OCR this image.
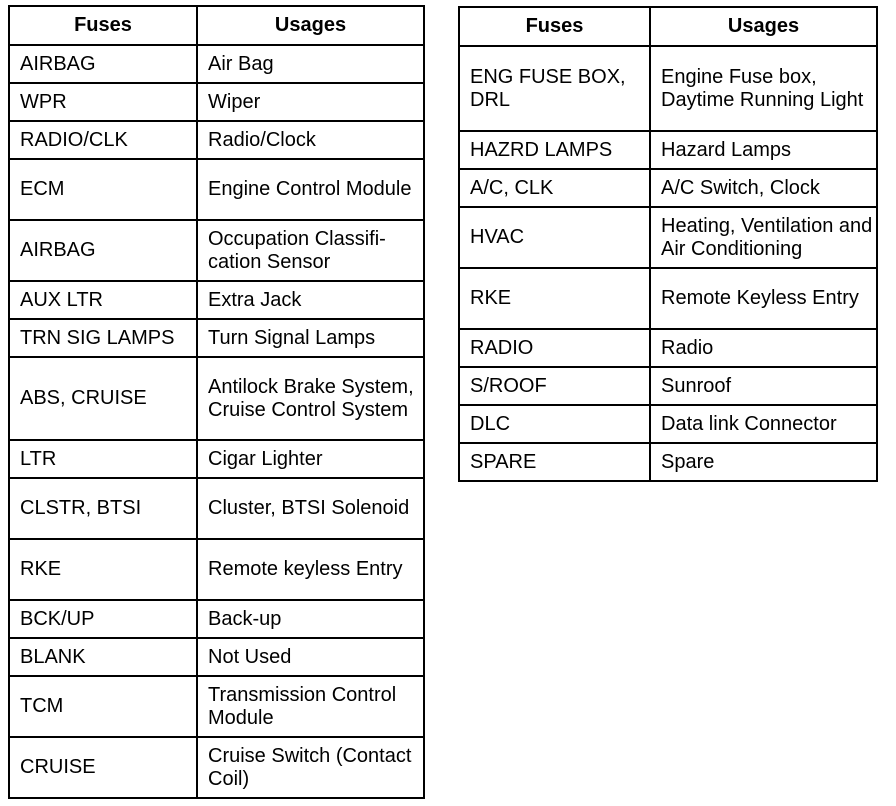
Fuses	Usages
AIRBAG	Air Bag
WPR	Wiper
RADIO/CLK	Radio/Clock
ECM	Engine Control Module
AIRBAG	Occupation Classifi-cation Sensor
AUX LTR	Extra Jack
TRN SIG LAMPS	Turn Signal Lamps
ABS, CRUISE	Antilock Brake System, Cruise Control System
LTR	Cigar Lighter
CLSTR, BTSI	Cluster, BTSI Solenoid
RKE	Remote keyless Entry
BCK/UP	Back-up
BLANK	Not Used
TCM	Transmission Control Module
CRUISE	Cruise Switch (Contact Coil)
Fuses	Usages
ENG FUSE BOX, DRL	Engine Fuse box, Daytime Running Light
HAZRD LAMPS	Hazard Lamps
A/C, CLK	A/C Switch, Clock
HVAC	Heating, Ventilation and Air Conditioning
RKE	Remote Keyless Entry
RADIO	Radio
S/ROOF	Sunroof
DLC	Data link Connector
SPARE	Spare
